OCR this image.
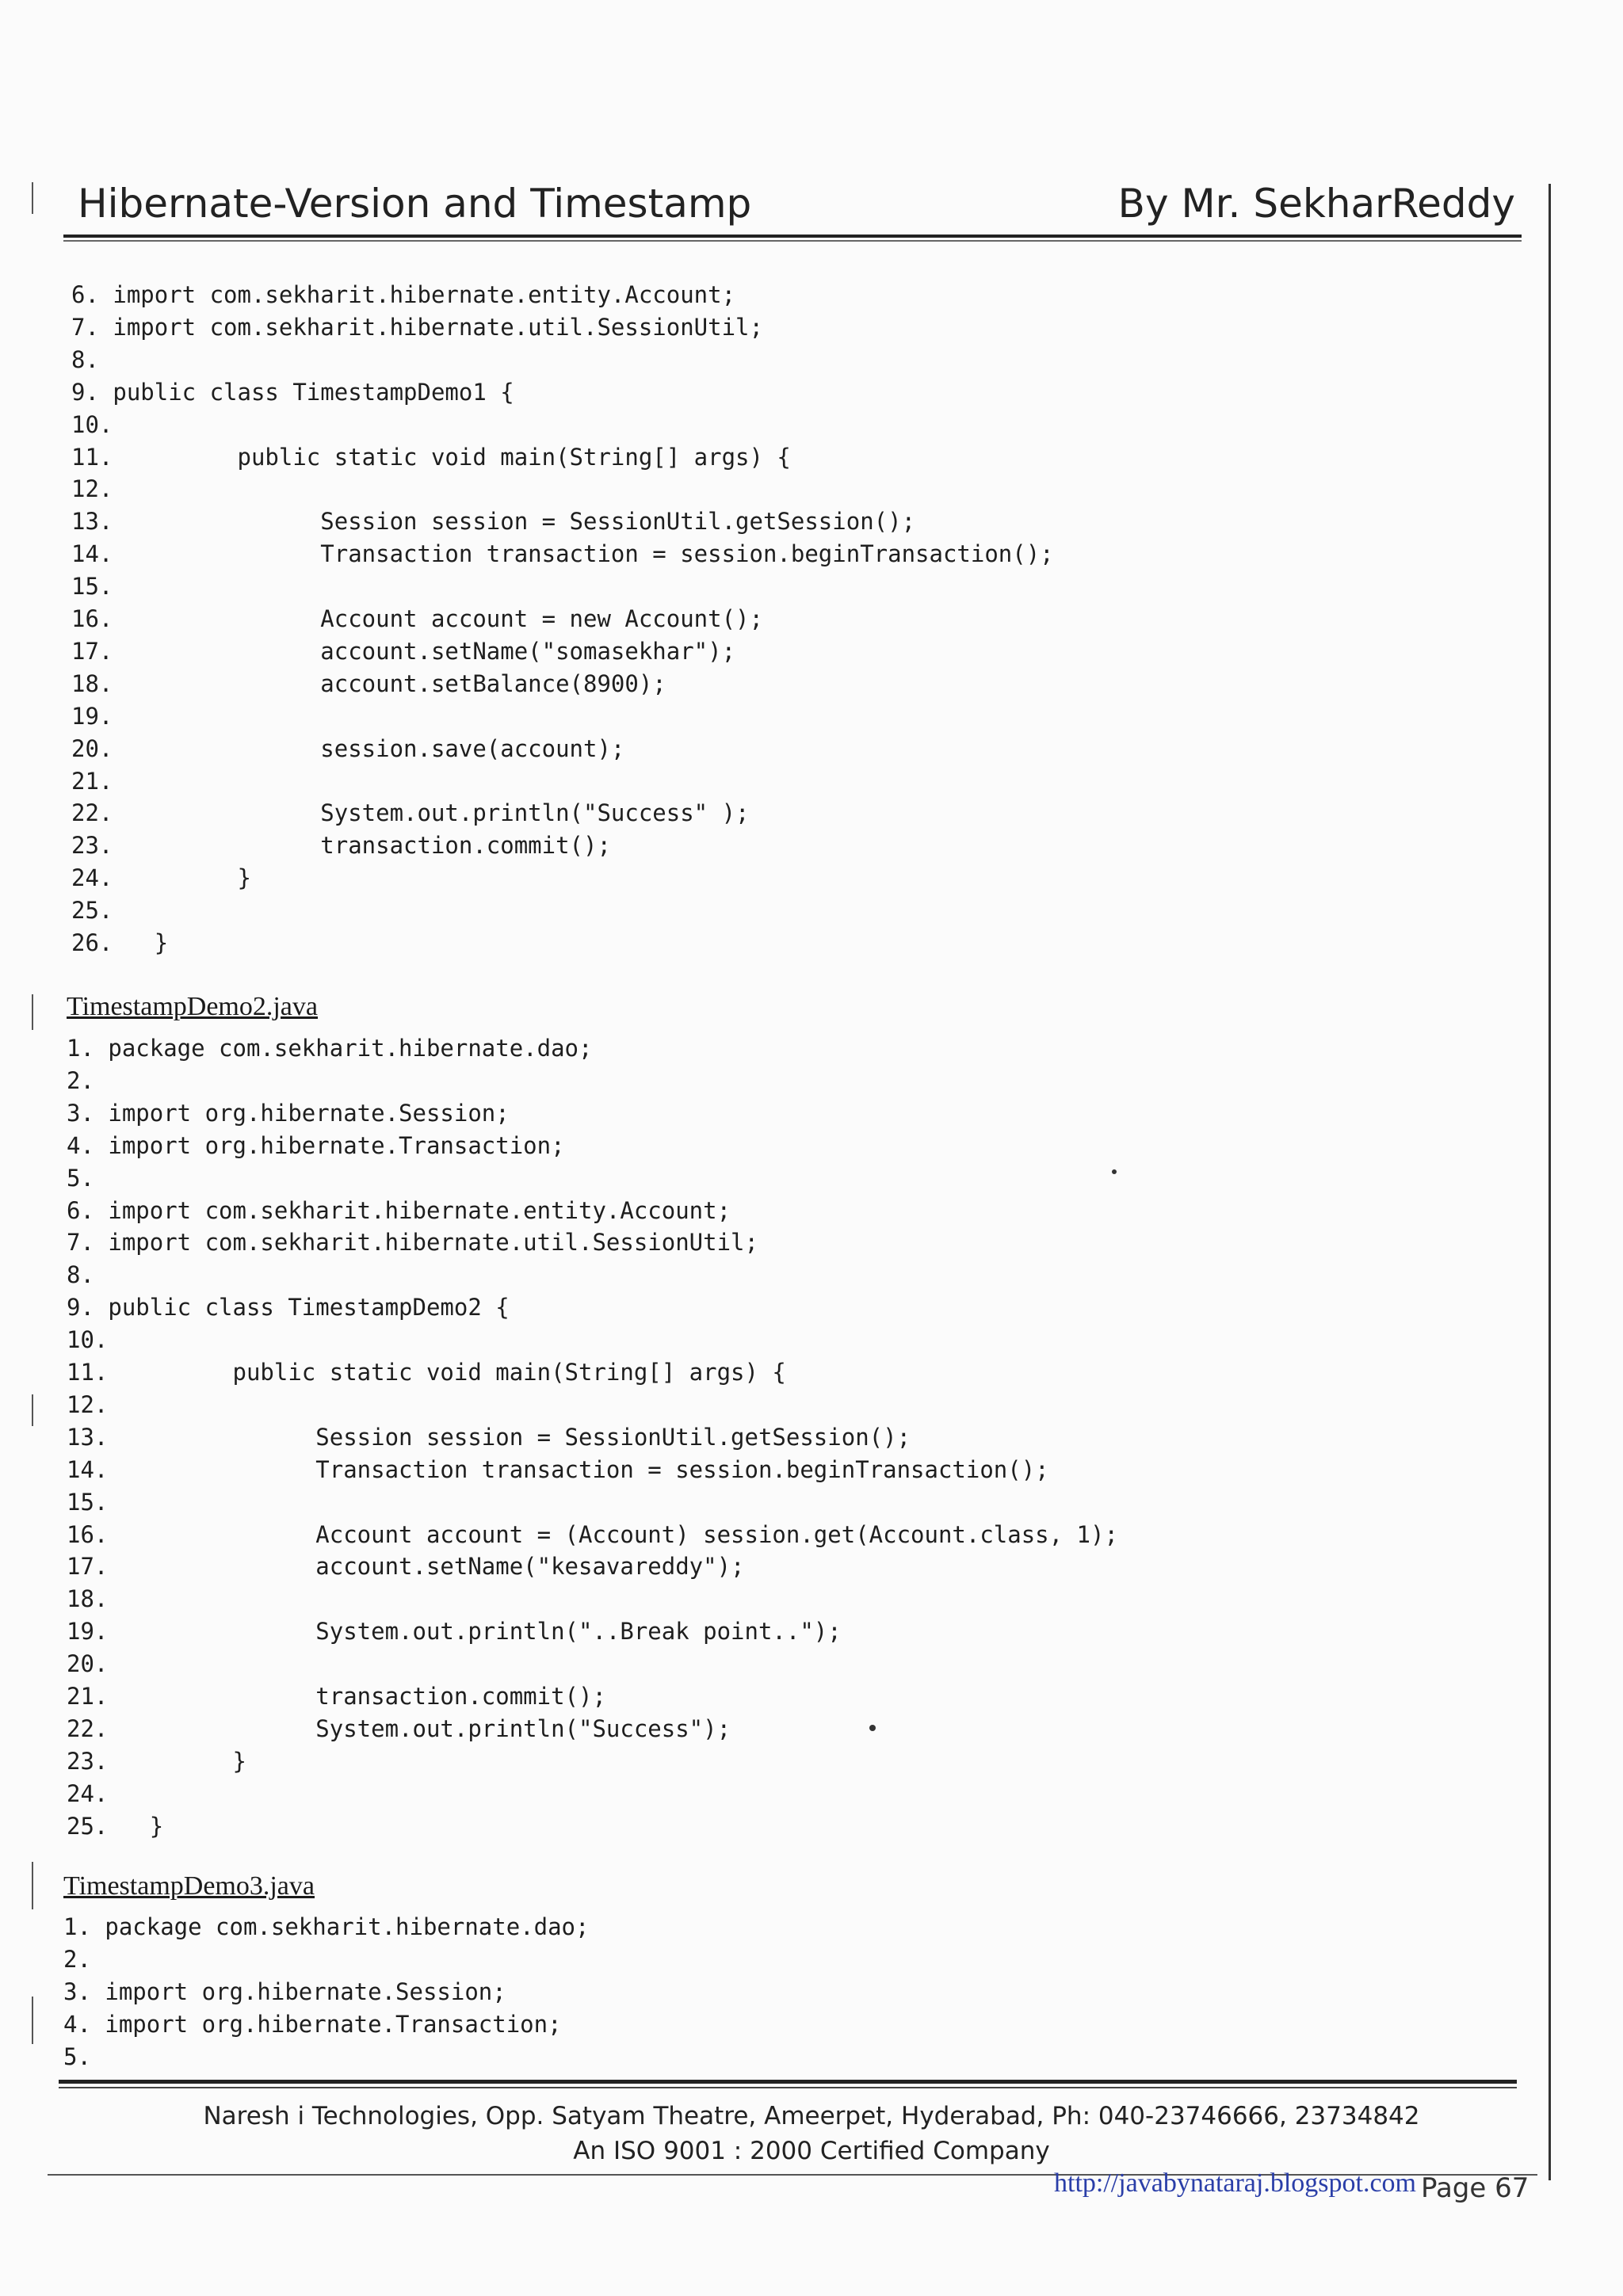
Hibernate-Version and Timestamp	By Mr. SekharReddy
6. import com.sekharit.hibernate.entity.Account;
7. import com.sekharit.hibernate.util.SessionUtil;
8.
9. public class TimestampDemo1 {
10.
11.         public static void main(String[] args) {
12.
13.               Session session = SessionUtil.getSession();
14.               Transaction transaction = session.beginTransaction();
15.
16.               Account account = new Account();
17.               account.setName("somasekhar");
18.               account.setBalance(8900);
19.
20.               session.save(account);
21.
22.               System.out.println("Success" );
23.               transaction.commit();
24.         }
25.
26.   }
TimestampDemo2.java
1. package com.sekharit.hibernate.dao;
2.
3. import org.hibernate.Session;
4. import org.hibernate.Transaction;
5.
6. import com.sekharit.hibernate.entity.Account;
7. import com.sekharit.hibernate.util.SessionUtil;
8.
9. public class TimestampDemo2 {
10.
11.         public static void main(String[] args) {
12.
13.               Session session = SessionUtil.getSession();
14.               Transaction transaction = session.beginTransaction();
15.
16.               Account account = (Account) session.get(Account.class, 1);
17.               account.setName("kesavareddy");
18.
19.               System.out.println("..Break point..");
20.
21.               transaction.commit();
22.               System.out.println("Success");
23.         }
24.
25.   }
TimestampDemo3.java
1. package com.sekharit.hibernate.dao;
2.
3. import org.hibernate.Session;
4. import org.hibernate.Transaction;
5.
Naresh i Technologies, Opp. Satyam Theatre, Ameerpet, Hyderabad, Ph: 040-23746666, 23734842
An ISO 9001 : 2000 Certified Company
http://javabynataraj.blogspot.com Page 67
